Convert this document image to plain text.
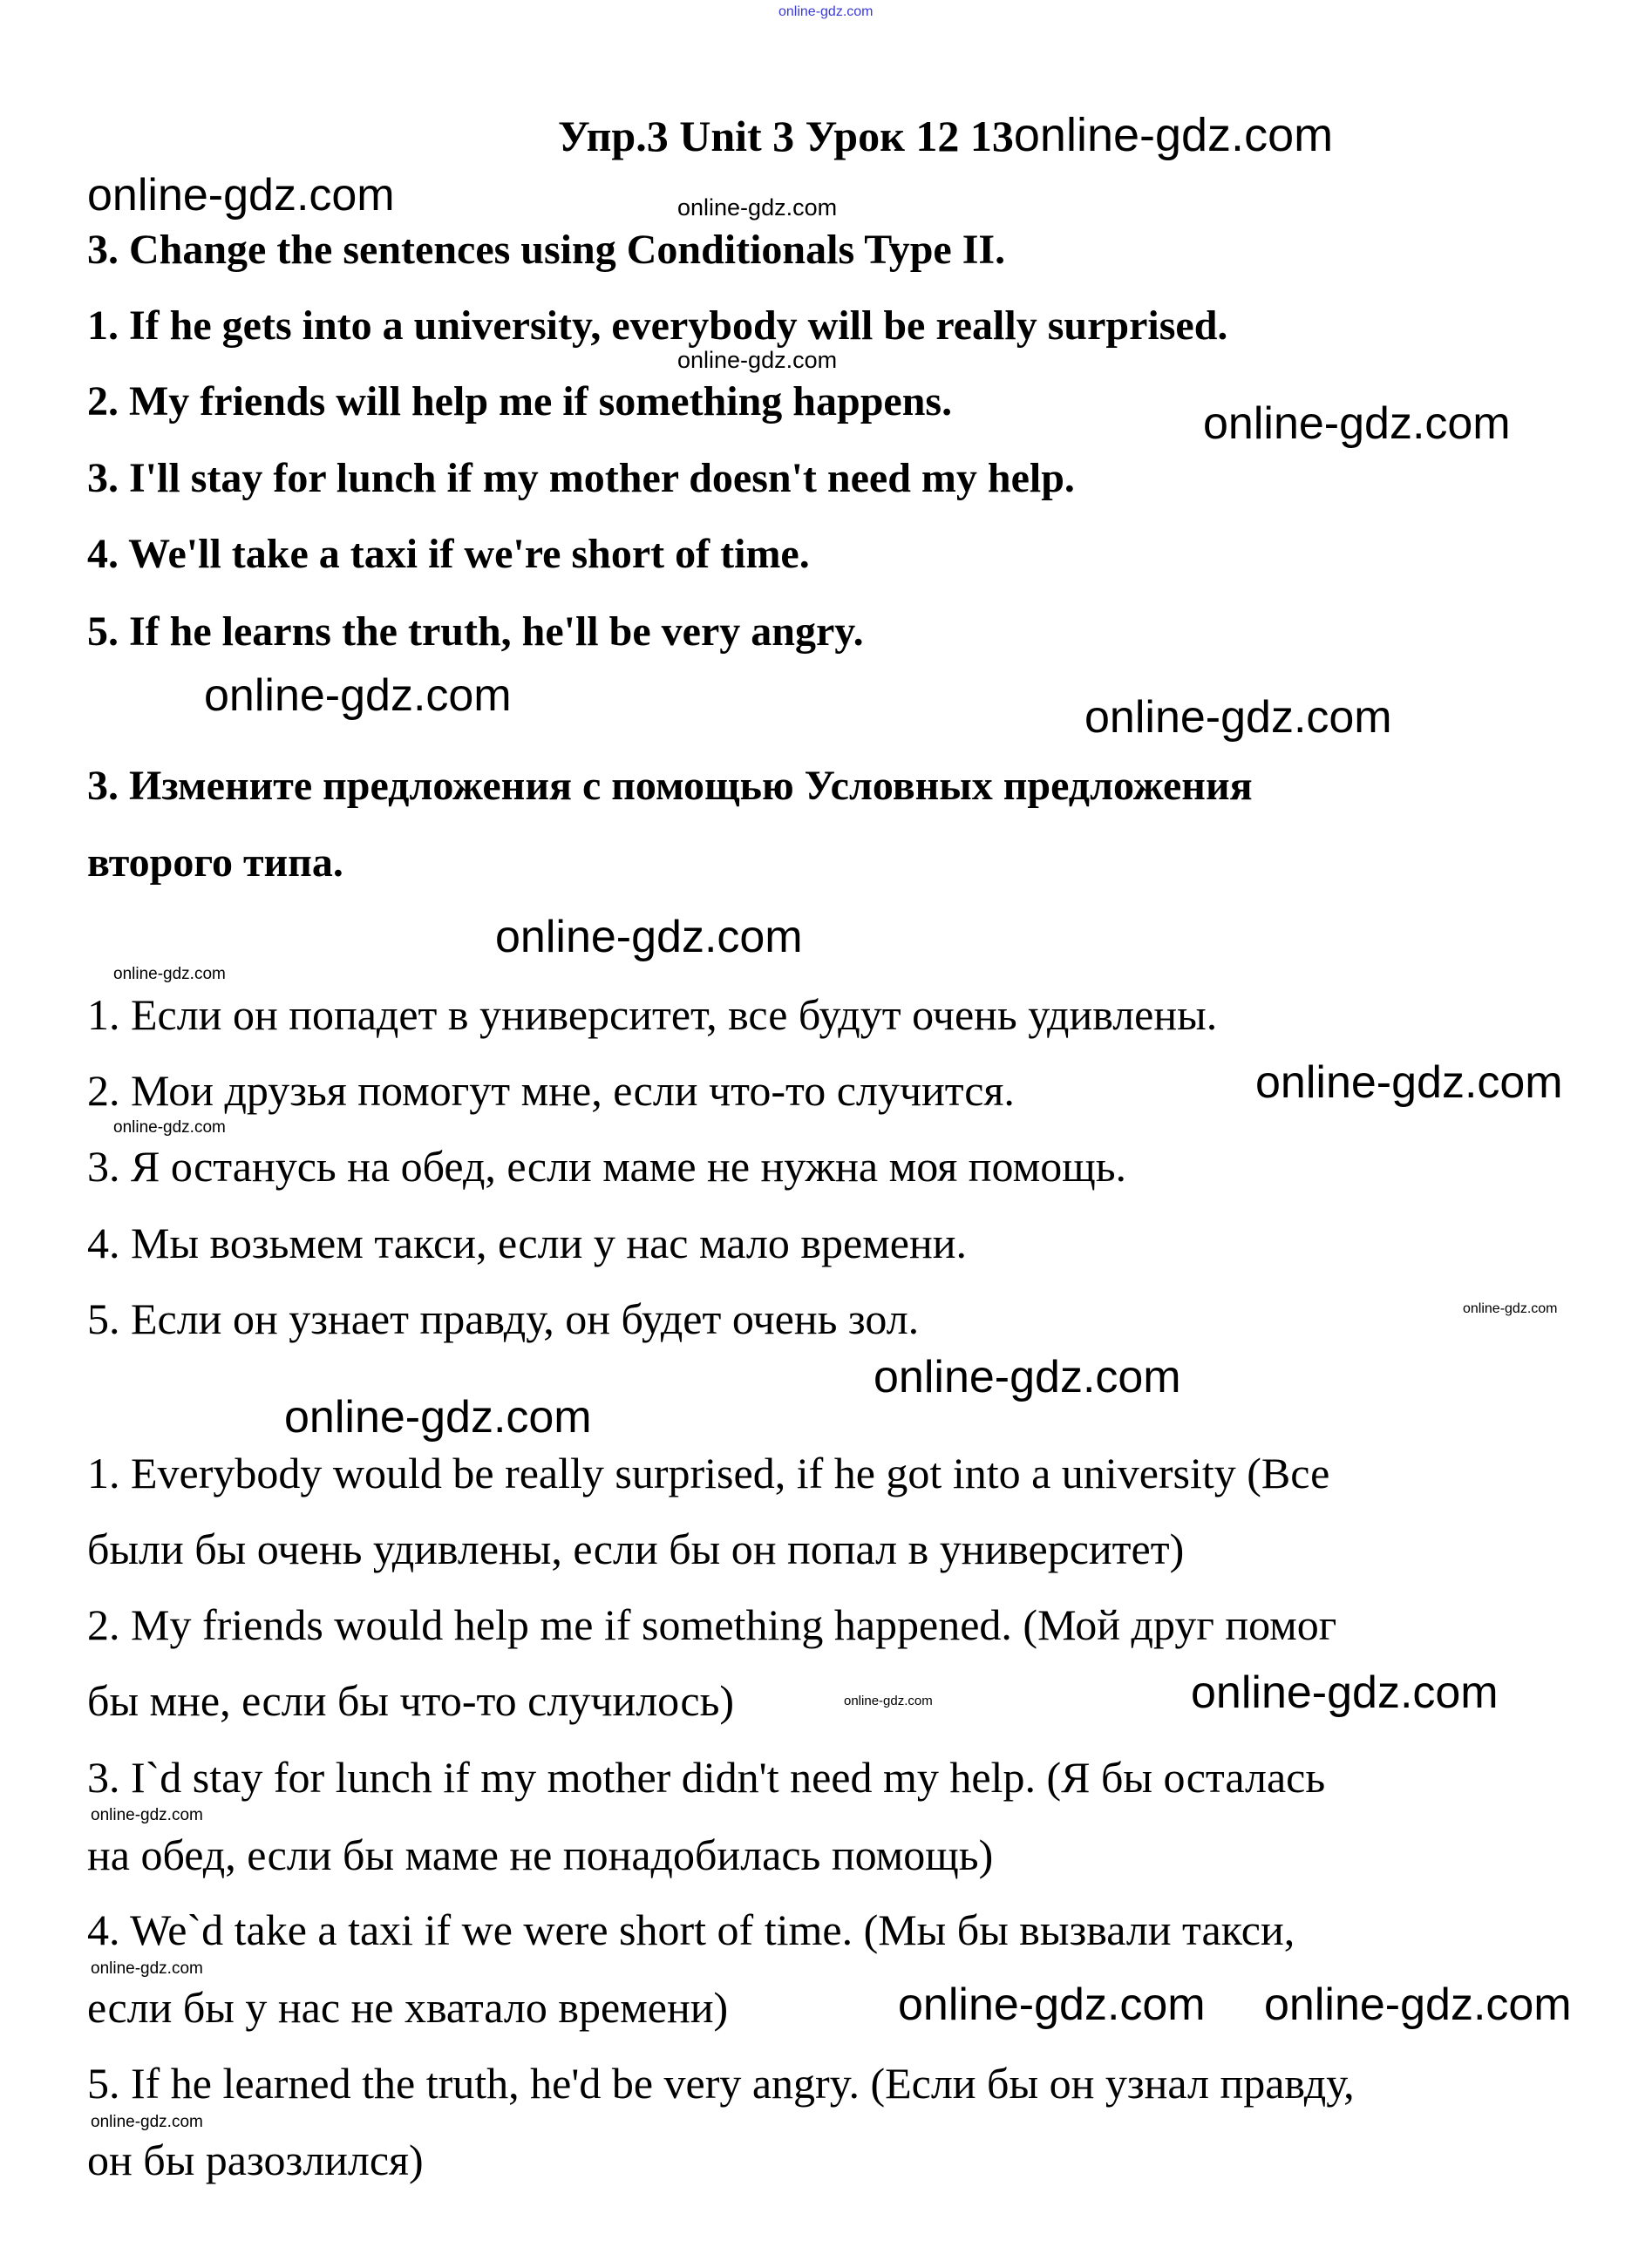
Упр.3 Unit 3 Урок 12 13online-gdz.com
3. Change the sentences using Conditionals Type II.
1. If he gets into a university, everybody will be really surprised.
2. My friends will help me if something happens.
3. I'll stay for lunch if my mother doesn't need my help.
4. We'll take a taxi if we're short of time.
5. If he learns the truth, he'll be very angry.
3. Измените предложения с помощью Условных предложения
второго типа.
1. Если он попадет в университет, все будут очень удивлены.
2. Мои друзья помогут мне, если что-то случится.
3. Я останусь на обед, если маме не нужна моя помощь.
4. Мы возьмем такси, если у нас мало времени.
5. Если он узнает правду, он будет очень зол.
1. Everybody would be really surprised, if he got into a university (Все
были бы очень удивлены, если бы он попал в университет)
2. My friends would help me if something happened. (Мой друг помог
бы мне, если бы что-то случилось)
3. I`d stay for lunch if my mother didn't need my help. (Я бы осталась
на обед, если бы маме не понадобилась помощь)
4. We`d take a taxi if we were short of time. (Мы бы вызвали такси,
если бы у нас не хватало времени)
5. If he learned the truth, he'd be very angry. (Если бы он узнал правду,
он бы разозлился)
online-gdz.com
online-gdz.com	online-gdz.com
online-gdz.com
online-gdz.com
online-gdz.com	online-gdz.com
online-gdz.com
online-gdz.com
online-gdz.com
online-gdz.com
online-gdz.com
online-gdz.com
online-gdz.com
online-gdz.com	online-gdz.com
online-gdz.com
online-gdz.com
online-gdz.com online-gdz.com
online-gdz.com
